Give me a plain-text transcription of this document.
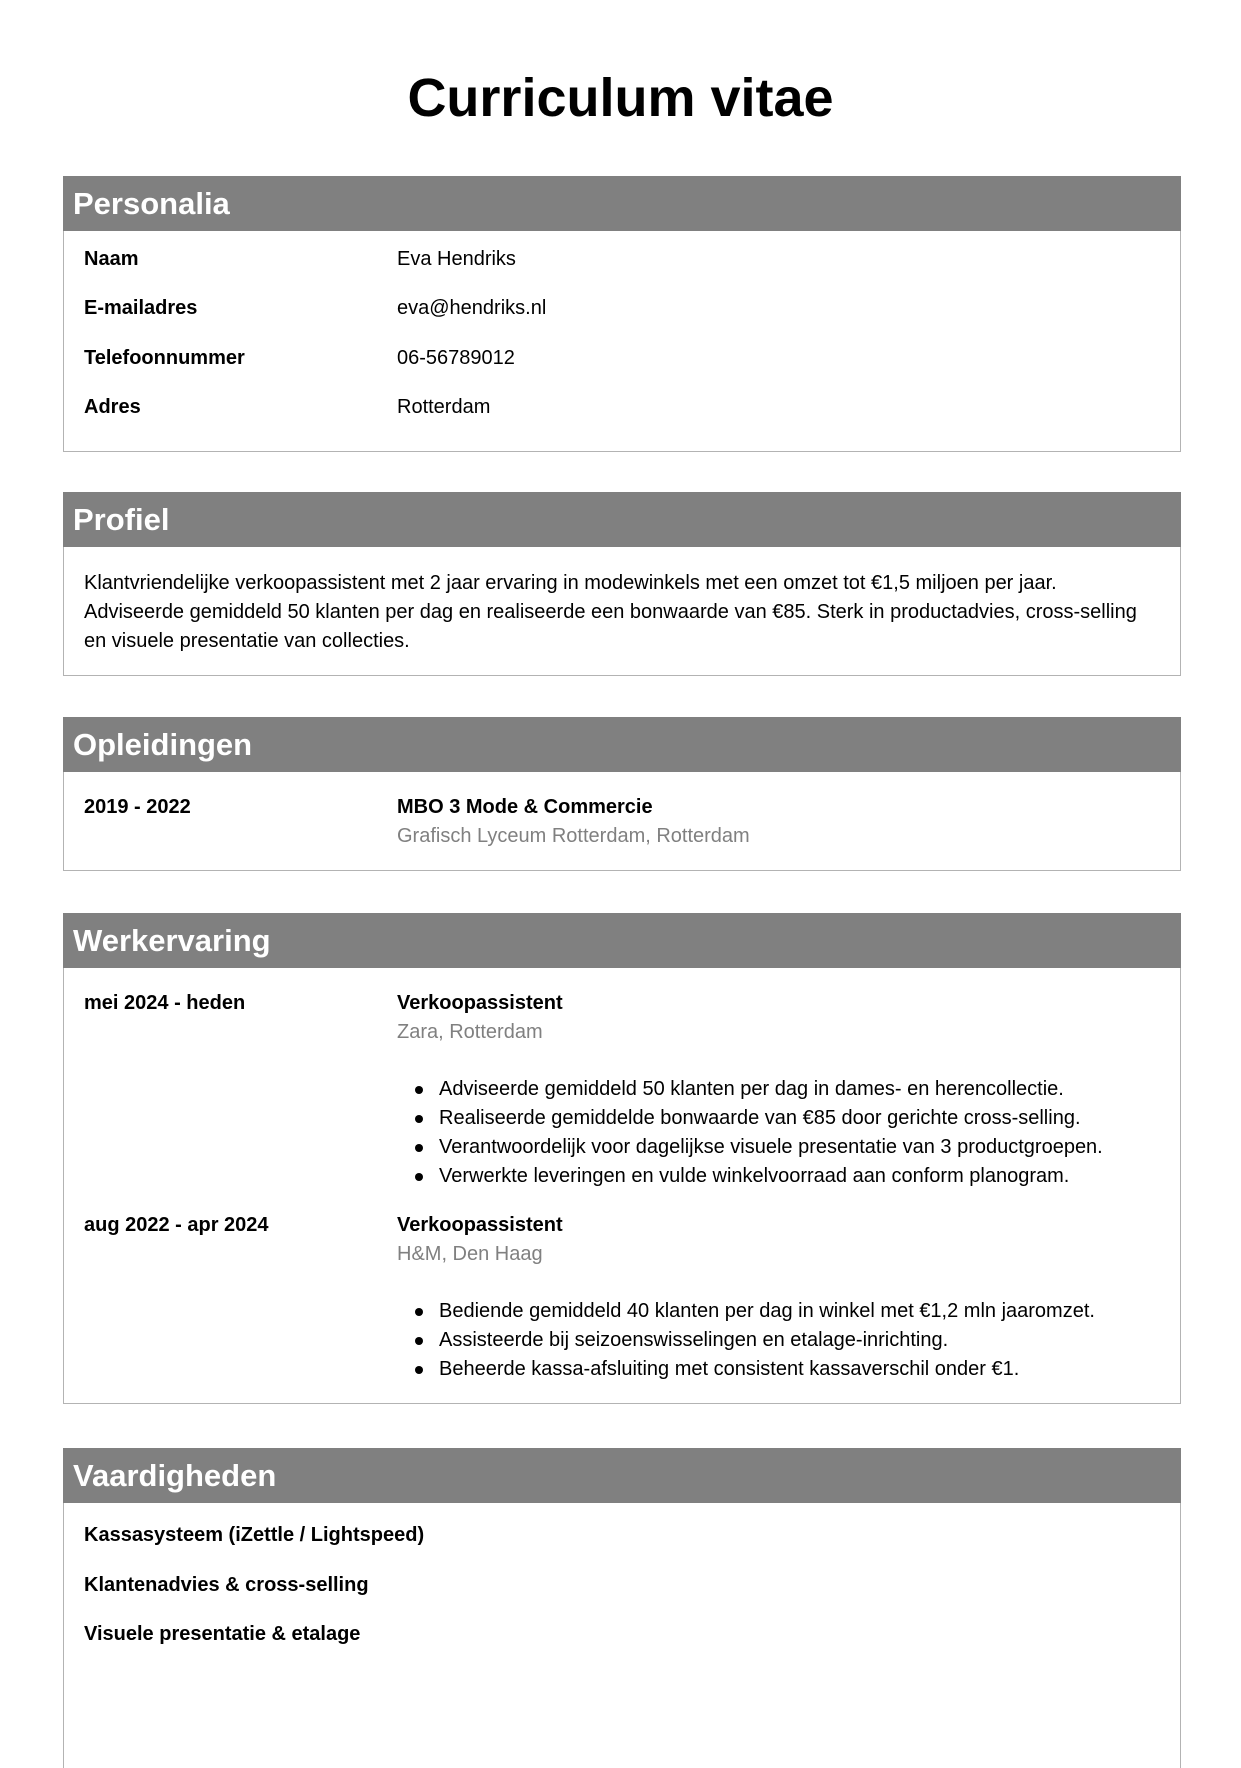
Curriculum vitae
Personalia
Naam	Eva Hendriks
E-mailadres	eva@hendriks.nl
Telefoonnummer	06-56789012
Adres	Rotterdam
Profiel
Klantvriendelijke verkoopassistent met 2 jaar ervaring in modewinkels met een omzet tot €1,5 miljoen per jaar. Adviseerde gemiddeld 50 klanten per dag en realiseerde een bonwaarde van €85. Sterk in productadvies, cross-selling en visuele presentatie van collecties.
Opleidingen
2019 - 2022	MBO 3 Mode & Commercie
Grafisch Lyceum Rotterdam, Rotterdam
Werkervaring
mei 2024 - heden	Verkoopassistent
Zara, Rotterdam
Adviseerde gemiddeld 50 klanten per dag in dames- en herencollectie.
Realiseerde gemiddelde bonwaarde van €85 door gerichte cross-selling.
Verantwoordelijk voor dagelijkse visuele presentatie van 3 productgroepen.
Verwerkte leveringen en vulde winkelvoorraad aan conform planogram.
aug 2022 - apr 2024	Verkoopassistent
H&M, Den Haag
Bediende gemiddeld 40 klanten per dag in winkel met €1,2 mln jaaromzet.
Assisteerde bij seizoenswisselingen en etalage-inrichting.
Beheerde kassa-afsluiting met consistent kassaverschil onder €1.
Vaardigheden
Kassasysteem (iZettle / Lightspeed)
Klantenadvies & cross-selling
Visuele presentatie & etalage
